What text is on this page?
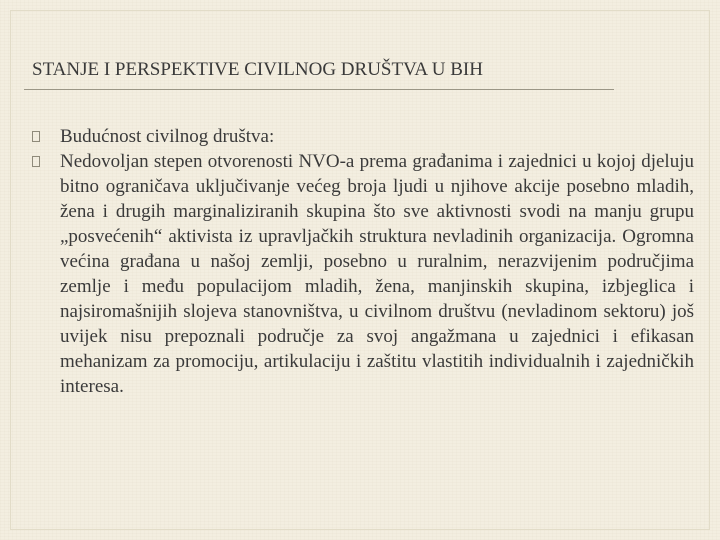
STANJE I PERSPEKTIVE CIVILNOG DRUŠTVA U BIH
Budućnost civilnog društva:
Nedovoljan stepen otvorenosti NVO-a prema građanima i zajednici u kojoj djeluju bitno ograničava uključivanje većeg broja ljudi u njihove akcije posebno mladih, žena i drugih marginaliziranih skupina što sve aktivnosti svodi na manju grupu „posvećenih“ aktivista iz upravljačkih struktura nevladinih organizacija. Ogromna većina građana u našoj zemlji, posebno u ruralnim, nerazvijenim područjima zemlje i među populacijom mladih, žena, manjinskih skupina, izbjeglica i najsiromašnijih slojeva stanovništva, u civilnom društvu (nevladinom sektoru) još uvijek nisu prepoznali područje za svoj angažmana u zajednici i efikasan mehanizam za promociju, artikulaciju i zaštitu vlastitih individualnih i zajedničkih interesa.
